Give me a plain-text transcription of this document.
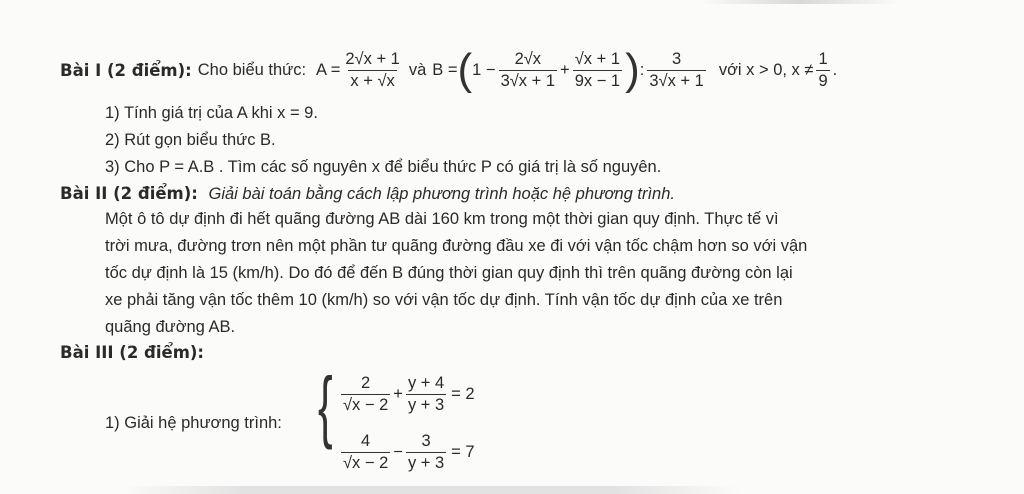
Bài I (2 điểm): Cho biểu thức: $A = \frac{2√x + 1}{x + √x}$ và B = ( $1 - \frac{2√x}{3√x + 1} + \frac{√x + 1}{9x - 1}$ ) : $\frac{3}{3√x + 1}$ với x > 0, $x \ne \frac{1}{9}$ .
1) Tính giá trị của A khi x = 9.
2) Rút gọn biểu thức B.
3) Cho P = A.B . Tìm các số nguyên x để biểu thức P có giá trị là số nguyên.
Bài II (2 điểm): Giải bài toán bằng cách lập phương trình hoặc hệ phương trình.
Một ô tô dự định đi hết quãng đường AB dài 160 km trong một thời gian quy định. Thực tế vì
trời mưa, đường trơn nên một phần tư quãng đường đầu xe đi với vận tốc chậm hơn so với vận
tốc dự định là 15 (km/h). Do đó để đến B đúng thời gian quy định thì trên quãng đường còn lại
xe phải tăng vận tốc thêm 10 (km/h) so với vận tốc dự định. Tính vận tốc dự định của xe trên
quãng đường AB.
Bài III (2 điểm):
1) Giải hệ phương trình: { $\frac{2}{√x - 2} + \frac{y + 4}{y + 3} = 2$
$\frac{4}{√x - 2} - \frac{3}{y + 3} = 7$
